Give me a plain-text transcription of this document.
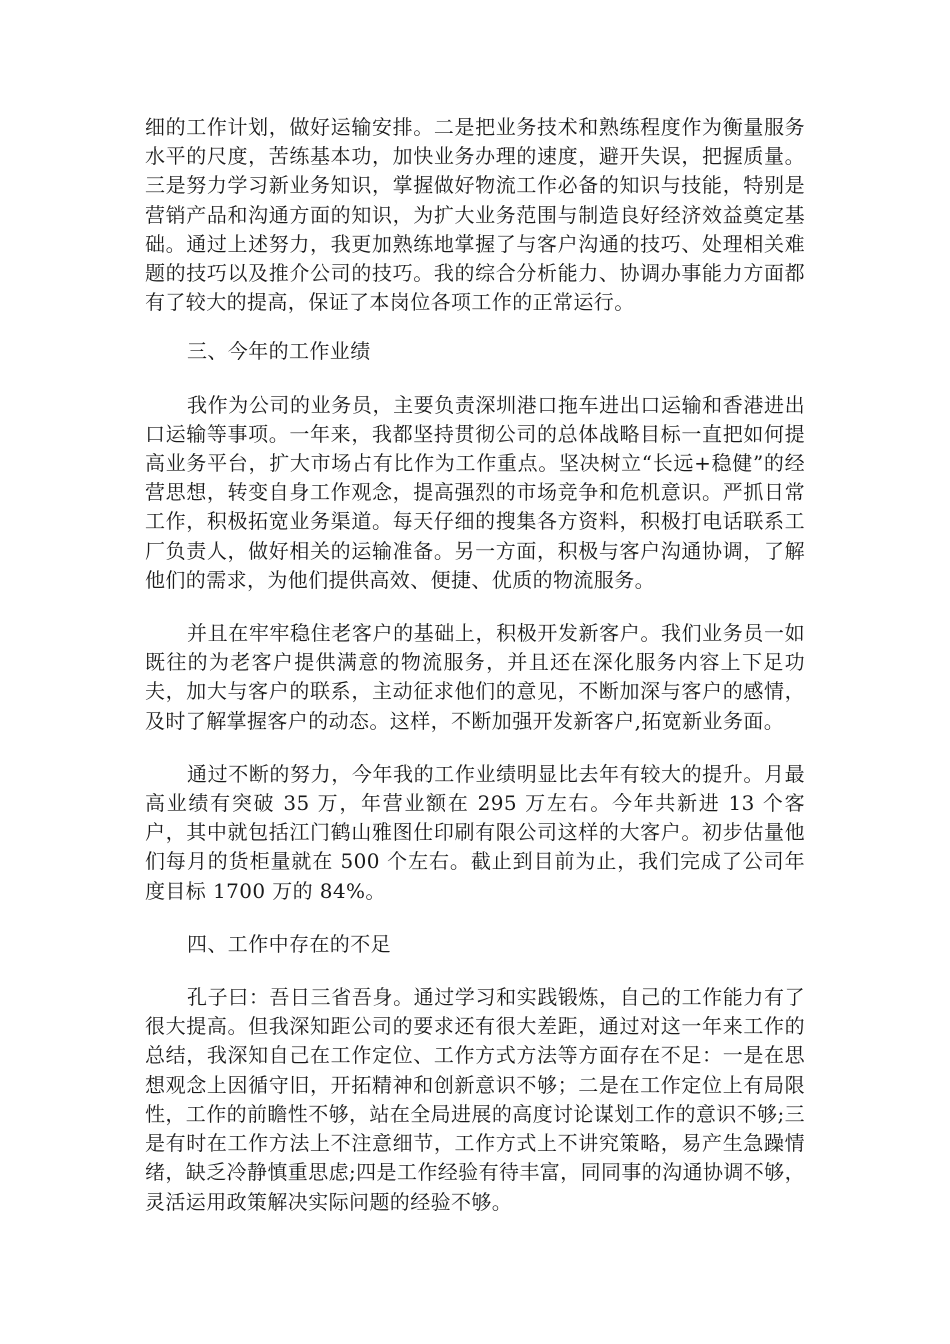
细的工作计划，做好运输安排。二是把业务技术和熟练程度作为衡量服务水平的尺度，苦练基本功，加快业务办理的速度，避开失误，把握质量。三是努力学习新业务知识，掌握做好物流工作必备的知识与技能，特别是营销产品和沟通方面的知识，为扩大业务范围与制造良好经济效益奠定基础。通过上述努力，我更加熟练地掌握了与客户沟通的技巧、处理相关难题的技巧以及推介公司的技巧。我的综合分析能力、协调办事能力方面都有了较大的提高，保证了本岗位各项工作的正常运行。

三、今年的工作业绩

我作为公司的业务员，主要负责深圳港口拖车进出口运输和香港进出口运输等事项。一年来，我都坚持贯彻公司的总体战略目标一直把如何提高业务平台，扩大市场占有比作为工作重点。坚决树立“长远+稳健”的经营思想，转变自身工作观念，提高强烈的市场竞争和危机意识。严抓日常工作，积极拓宽业务渠道。每天仔细的搜集各方资料，积极打电话联系工厂负责人，做好相关的运输准备。另一方面，积极与客户沟通协调，了解他们的需求，为他们提供高效、便捷、优质的物流服务。

并且在牢牢稳住老客户的基础上，积极开发新客户。我们业务员一如既往的为老客户提供满意的物流服务，并且还在深化服务内容上下足功夫，加大与客户的联系，主动征求他们的意见，不断加深与客户的感情，及时了解掌握客户的动态。这样，不断加强开发新客户,拓宽新业务面。

通过不断的努力，今年我的工作业绩明显比去年有较大的提升。月最高业绩有突破 35 万，年营业额在 295 万左右。今年共新进 13 个客户，其中就包括江门鹤山雅图仕印刷有限公司这样的大客户。初步估量他们每月的货柜量就在 500 个左右。截止到目前为止，我们完成了公司年度目标 1700 万的 84%。

四、工作中存在的不足

孔子曰：吾日三省吾身。通过学习和实践锻炼，自己的工作能力有了很大提高。但我深知距公司的要求还有很大差距，通过对这一年来工作的总结，我深知自己在工作定位、工作方式方法等方面存在不足：一是在思想观念上因循守旧，开拓精神和创新意识不够；二是在工作定位上有局限性，工作的前瞻性不够，站在全局进展的高度讨论谋划工作的意识不够;三是有时在工作方法上不注意细节，工作方式上不讲究策略，易产生急躁情绪，缺乏冷静慎重思虑;四是工作经验有待丰富，同同事的沟通协调不够，灵活运用政策解决实际问题的经验不够。
